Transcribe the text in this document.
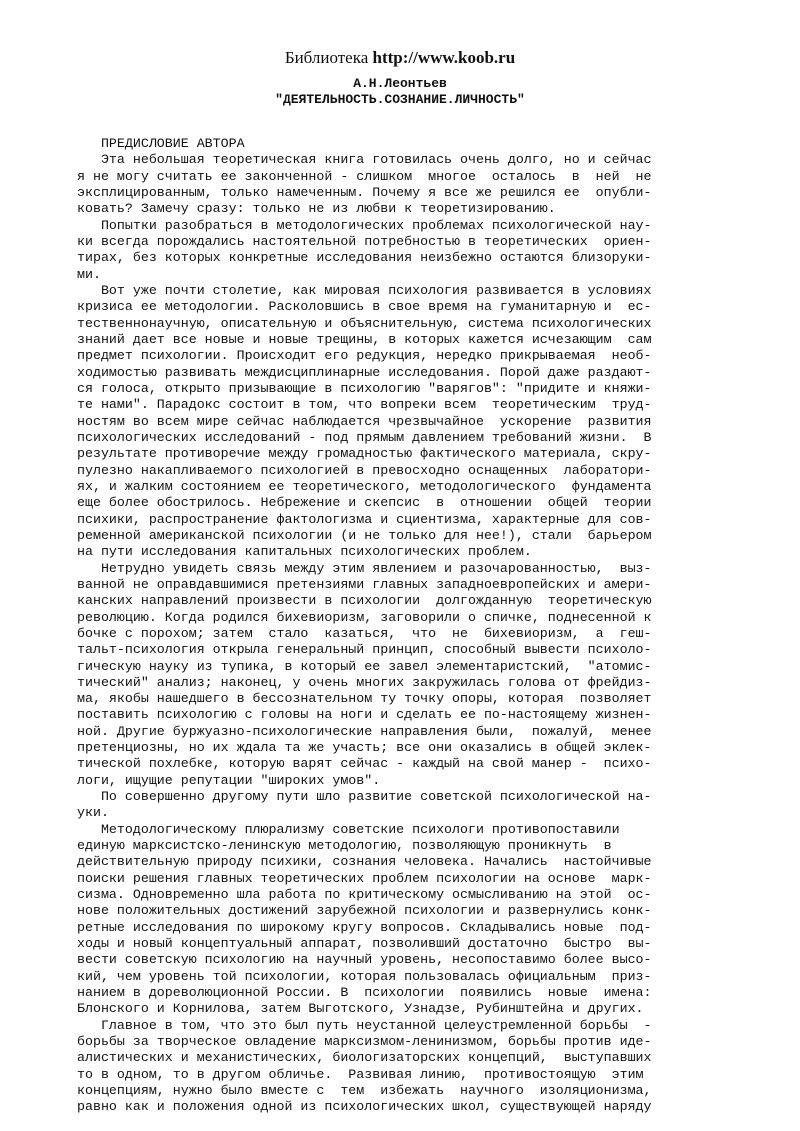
Библиотека http://www.koob.ru
А.Н.Леонтьев
"ДЕЯТЕЛЬНОСТЬ.СОЗНАНИЕ.ЛИЧНОСТЬ"
ПРЕДИСЛОВИЕ АВТОРА
Эта небольшая теоретическая книга готовилась очень долго, но и сейчас
я не могу считать ее законченной - слишком  многое  осталось  в  ней  не
эксплицированным, только намеченным. Почему я все же решился ее  опубли-
ковать? Замечу сразу: только не из любви к теоретизированию.
Попытки разобраться в методологических проблемах психологической нау-
ки всегда порождались настоятельной потребностью в теоретических  ориен-
тирах, без которых конкретные исследования неизбежно остаются близоруки-
ми.
Вот уже почти столетие, как мировая психология развивается в условиях
кризиса ее методологии. Расколовшись в свое время на гуманитарную и  ес-
тественнонаучную, описательную и объяснительную, система психологических
знаний дает все новые и новые трещины, в которых кажется исчезающим  сам
предмет психологии. Происходит его редукция, нередко прикрываемая  необ-
ходимостью развивать междисциплинарные исследования. Порой даже раздают-
ся голоса, открыто призывающие в психологию "варягов": "придите и княжи-
те нами". Парадокс состоит в том, что вопреки всем  теоретическим  труд-
ностям во всем мире сейчас наблюдается чрезвычайное  ускорение  развития
психологических исследований - под прямым давлением требований жизни.  В
результате противоречие между громадностью фактического материала, скру-
пулезно накапливаемого психологией в превосходно оснащенных  лаборатори-
ях, и жалким состоянием ее теоретического, методологического  фундамента
еще более обострилось. Небрежение и скепсис  в  отношении  общей  теории
психики, распространение фактологизма и сциентизма, характерные для сов-
ременной американской психологии (и не только для нее!), стали  барьером
на пути исследования капитальных психологических проблем.
Нетрудно увидеть связь между этим явлением и разочарованностью,  выз-
ванной не оправдавшимися претензиями главных западноевропейских и амери-
канских направлений произвести в психологии  долгожданную  теоретическую
революцию. Когда родился бихевиоризм, заговорили о спичке, поднесенной к
бочке с порохом; затем  стало  казаться,  что  не  бихевиоризм,  а  геш-
тальт-психология открыла генеральный принцип, способный вывести психоло-
гическую науку из тупика, в который ее завел элементаристский,  "атомис-
тический" анализ; наконец, у очень многих закружилась голова от фрейдиз-
ма, якобы нашедшего в бессознательном ту точку опоры, которая  позволяет
поставить психологию с головы на ноги и сделать ее по-настоящему жизнен-
ной. Другие буржуазно-психологические направления были,  пожалуй,  менее
претенциозны, но их ждала та же участь; все они оказались в общей эклек-
тической похлебке, которую варят сейчас - каждый на свой манер -  психо-
логи, ищущие репутации "широких умов".
По совершенно другому пути шло развитие советской психологической на-
уки.
Методологическому плюрализму советские психологи противопоставили
единую марксистско-ленинскую методологию, позволяющую проникнуть  в
действительную природу психики, сознания человека. Начались  настойчивые
поиски решения главных теоретических проблем психологии на основе  марк-
сизма. Одновременно шла работа по критическому осмысливанию на этой  ос-
нове положительных достижений зарубежной психологии и развернулись конк-
ретные исследования по широкому кругу вопросов. Складывались новые  под-
ходы и новый концептуальный аппарат, позволивший достаточно  быстро  вы-
вести советскую психологию на научный уровень, несопоставимо более высо-
кий, чем уровень той психологии, которая пользовалась официальным  приз-
нанием в дореволюционной России. В  психологии  появились  новые  имена:
Блонского и Корнилова, затем Выготского, Узнадзе, Рубинштейна и других.
Главное в том, что это был путь неустанной целеустремленной борьбы  -
борьбы за творческое овладение марксизмом-ленинизмом, борьбы против иде-
алистических и механистических, биологизаторских концепций,  выступавших
то в одном, то в другом обличье.  Развивая линию,  противостоящую  этим
концепциям, нужно было вместе с  тем  избежать  научного  изоляционизма,
равно как и положения одной из психологических школ, существующей наряду
